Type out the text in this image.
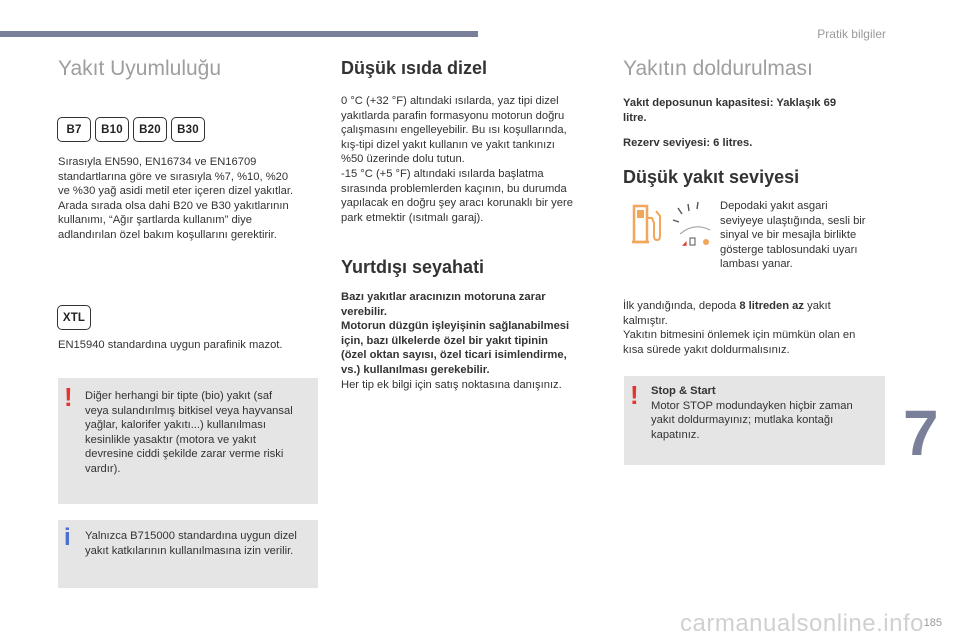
Pratik bilgiler
Yakıt Uyumluluğu
B7	B10	B20	B30
Sırasıyla EN590, EN16734 ve EN16709
standartlarına göre ve sırasıyla %7, %10, %20
ve %30 yağ asidi metil eter içeren dizel yakıtlar.
Arada sırada olsa dahi B20 ve B30 yakıtlarının
kullanımı, “Ağır şartlarda kullanım” diye
adlandırılan özel bakım koşullarını gerektirir.
XTL
EN15940 standardına uygun parafinik mazot.
! Diğer herhangi bir tipte (bio) yakıt (saf
veya sulandırılmış bitkisel veya hayvansal
yağlar, kalorifer yakıtı...) kullanılması
kesinlikle yasaktır (motora ve yakıt
devresine ciddi şekilde zarar verme riski
vardır).
i Yalnızca B715000 standardına uygun dizel
yakıt katkılarının kullanılmasına izin verilir.
Düşük ısıda dizel
0 °C (+32 °F) altındaki ısılarda, yaz tipi dizel
yakıtlarda parafin formasyonu motorun doğru
çalışmasını engelleyebilir. Bu ısı koşullarında,
kış-tipi dizel yakıt kullanın ve yakıt tankınızı
%50 üzerinde dolu tutun.
-15 °C (+5 °F) altındaki ısılarda başlatma
sırasında problemlerden kaçının, bu durumda
yapılacak en doğru şey aracı korunaklı bir yere
park etmektir (ısıtmalı garaj).
Yurtdışı seyahati
Bazı yakıtlar aracınızın motoruna zarar
verebilir.
Motorun düzgün işleyişinin sağlanabilmesi
için, bazı ülkelerde özel bir yakıt tipinin
(özel oktan sayısı, özel ticari isimlendirme,
vs.) kullanılması gerekebilir.
Her tip ek bilgi için satış noktasına danışınız.
Yakıtın doldurulması
Yakıt deposunun kapasitesi: Yaklaşık 69
litre.
Rezerv seviyesi: 6 litres.
Düşük yakıt seviyesi
◢
Depodaki yakıt asgari
seviyeye ulaştığında, sesli bir
sinyal ve bir mesajla birlikte
gösterge tablosundaki uyarı
lambası yanar.
İlk yandığında, depoda 8 litreden az yakıt
kalmıştır.
Yakıtın bitmesini önlemek için mümkün olan en
kısa sürede yakıt doldurmalısınız.
! Stop & Start
Motor STOP modundayken hiçbir zaman
yakıt doldurmayınız; mutlaka kontağı
kapatınız.	7
carmanualsonline.info 185
